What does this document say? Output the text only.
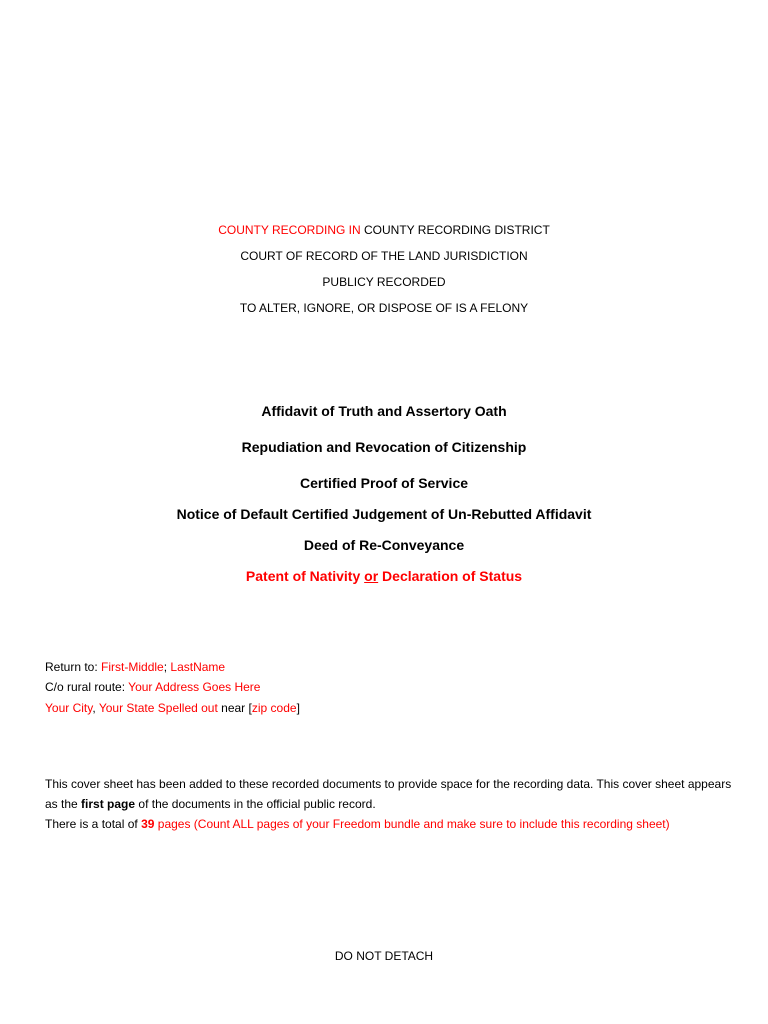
COUNTY RECORDING IN COUNTY RECORDING DISTRICT
COURT OF RECORD OF THE LAND JURISDICTION
PUBLICY RECORDED
TO ALTER, IGNORE, OR DISPOSE OF IS A FELONY
Affidavit of Truth and Assertory Oath
Repudiation and Revocation of Citizenship
Certified Proof of Service
Notice of Default Certified Judgement of Un-Rebutted Affidavit
Deed of Re-Conveyance
Patent of Nativity or Declaration of Status
Return to: First-Middle; LastName
C/o rural route: Your Address Goes Here
Your City, Your State Spelled out near [zip code]
This cover sheet has been added to these recorded documents to provide space for the recording data. This cover sheet appears as the first page of the documents in the official public record.
There is a total of 39 pages (Count ALL pages of your Freedom bundle and make sure to include this recording sheet)
DO NOT DETACH
